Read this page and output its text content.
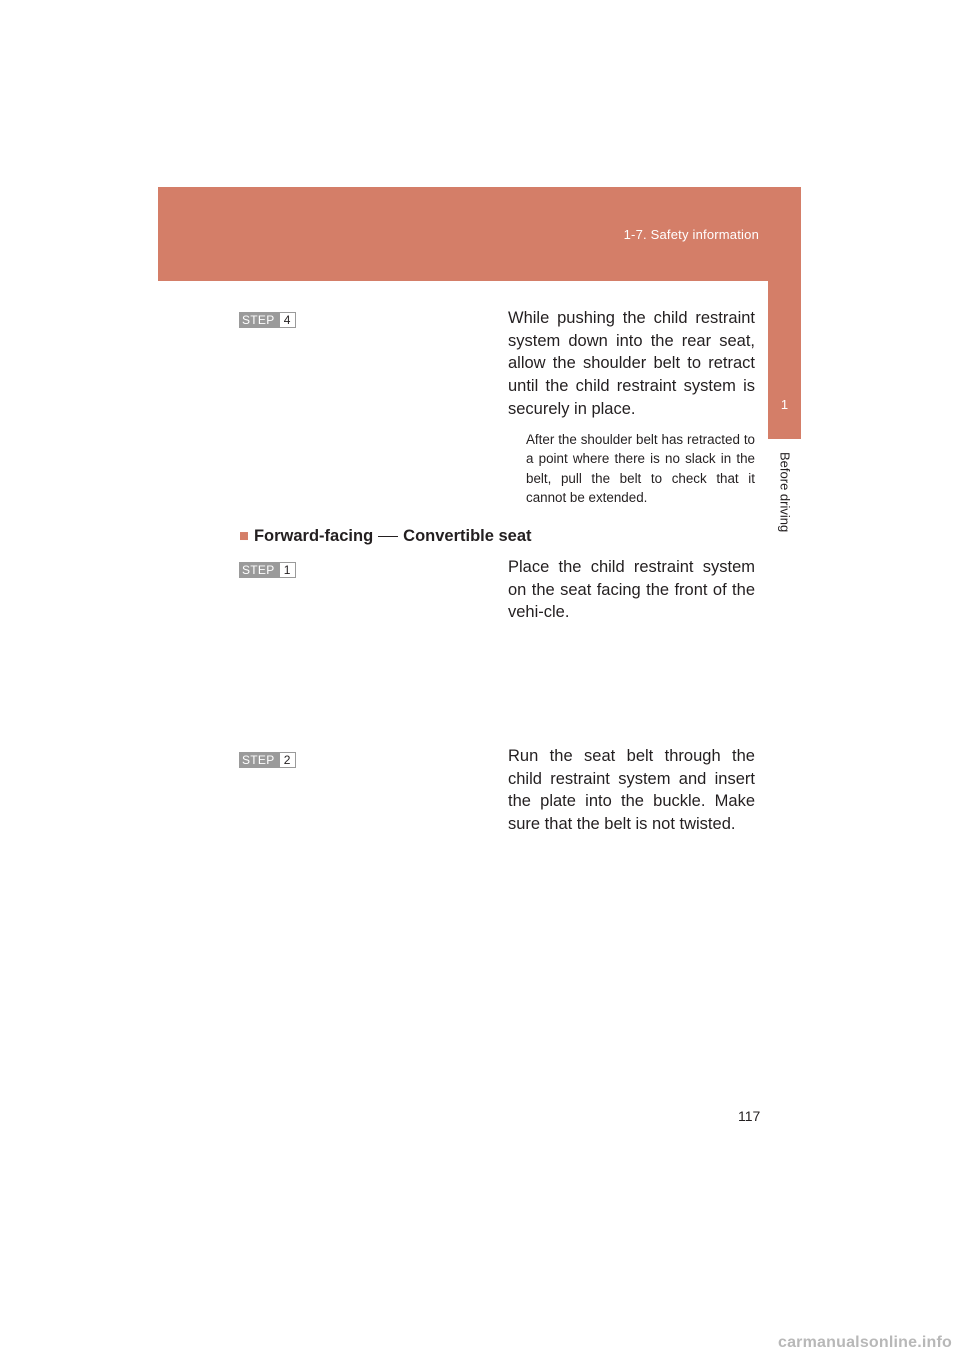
1-7. Safety information
1
Before driving
STEP 4	While pushing the child restraint system down into the rear seat, allow the shoulder belt to retract until the child restraint system is securely in place.
After the shoulder belt has retracted to a point where there is no slack in the belt, pull the belt to check that it cannot be extended.
■ Forward-facing Convertible seat
STEP 1	Place the child restraint system on the seat facing the front of the vehi-cle.
STEP 2	Run the seat belt through the child restraint system and insert the plate into the buckle. Make sure that the belt is not twisted.
117
carmanualsonline.info
